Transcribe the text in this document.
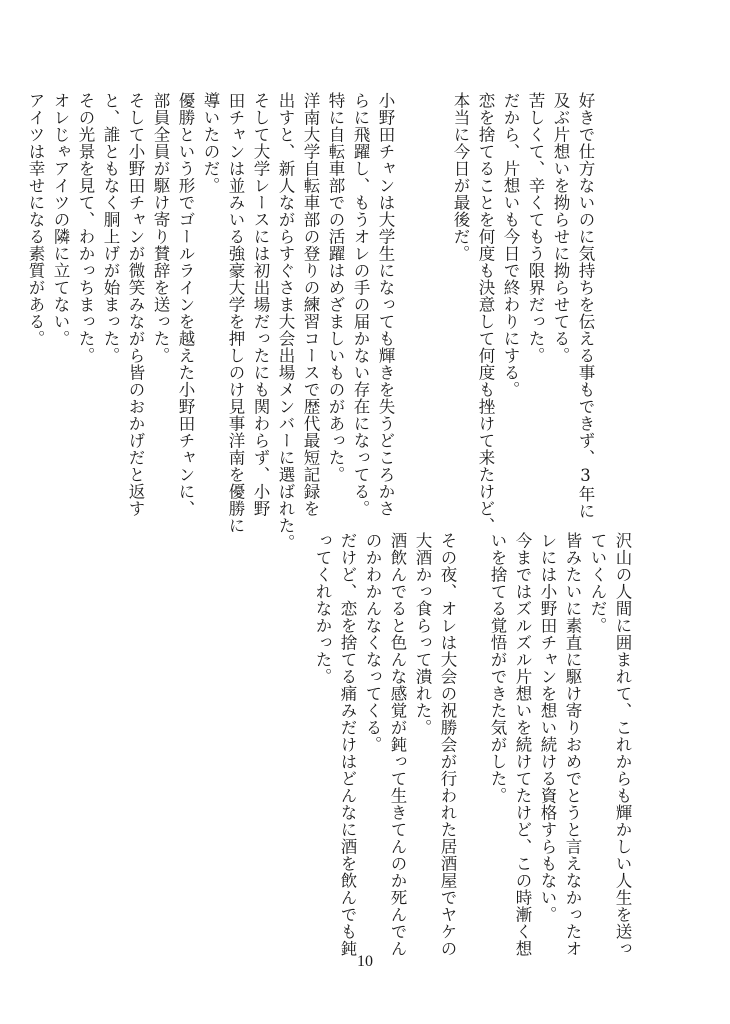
好きで仕方ないのに気持ちを伝える事もできず、3年に

及ぶ片想いを拗らせに拗らせてる。

苦しくて、辛くてもう限界だった。

だから、片想いも今日で終わりにする。

恋を捨てることを何度も決意して何度も挫けて来たけど、

本当に今日が最後だ。

小野田チャンは大学生になっても輝きを失うどころかさ

らに飛躍し、もうオレの手の届かない存在になってる。

特に自転車部での活躍はめざましいものがあった。

洋南大学自転車部の登りの練習コースで歴代最短記録を

出すと、新人ながらすぐさま大会出場メンバーに選ばれた。

そして大学レースには初出場だったにも関わらず、小野

田チャンは並みいる強豪大学を押しのけ見事洋南を優勝に

導いたのだ。

優勝という形でゴールラインを越えた小野田チャンに、

部員全員が駆け寄り賛辞を送った。

そして小野田チャンが微笑みながら皆のおかげだと返す

と、誰ともなく胴上げが始まった。

その光景を見て、わかっちまった。

オレじゃアイツの隣に立てない。

アイツは幸せになる素質がある。

沢山の人間に囲まれて、これからも輝かしい人生を送っ

ていくんだ。

皆みたいに素直に駆け寄りおめでとうと言えなかったオ

レには小野田チャンを想い続ける資格すらもない。

今まではズルズル片想いを続けてたけど、この時漸く想

いを捨てる覚悟ができた気がした。

その夜、オレは大会の祝勝会が行われた居酒屋でヤケの

大酒かっ食らって潰れた。

酒飲んでると色んな感覚が鈍って生きてんのか死んでん

のかわかんなくなってくる。

だけど、恋を捨てる痛みだけはどんなに酒を飲んでも鈍

ってくれなかった。

10
